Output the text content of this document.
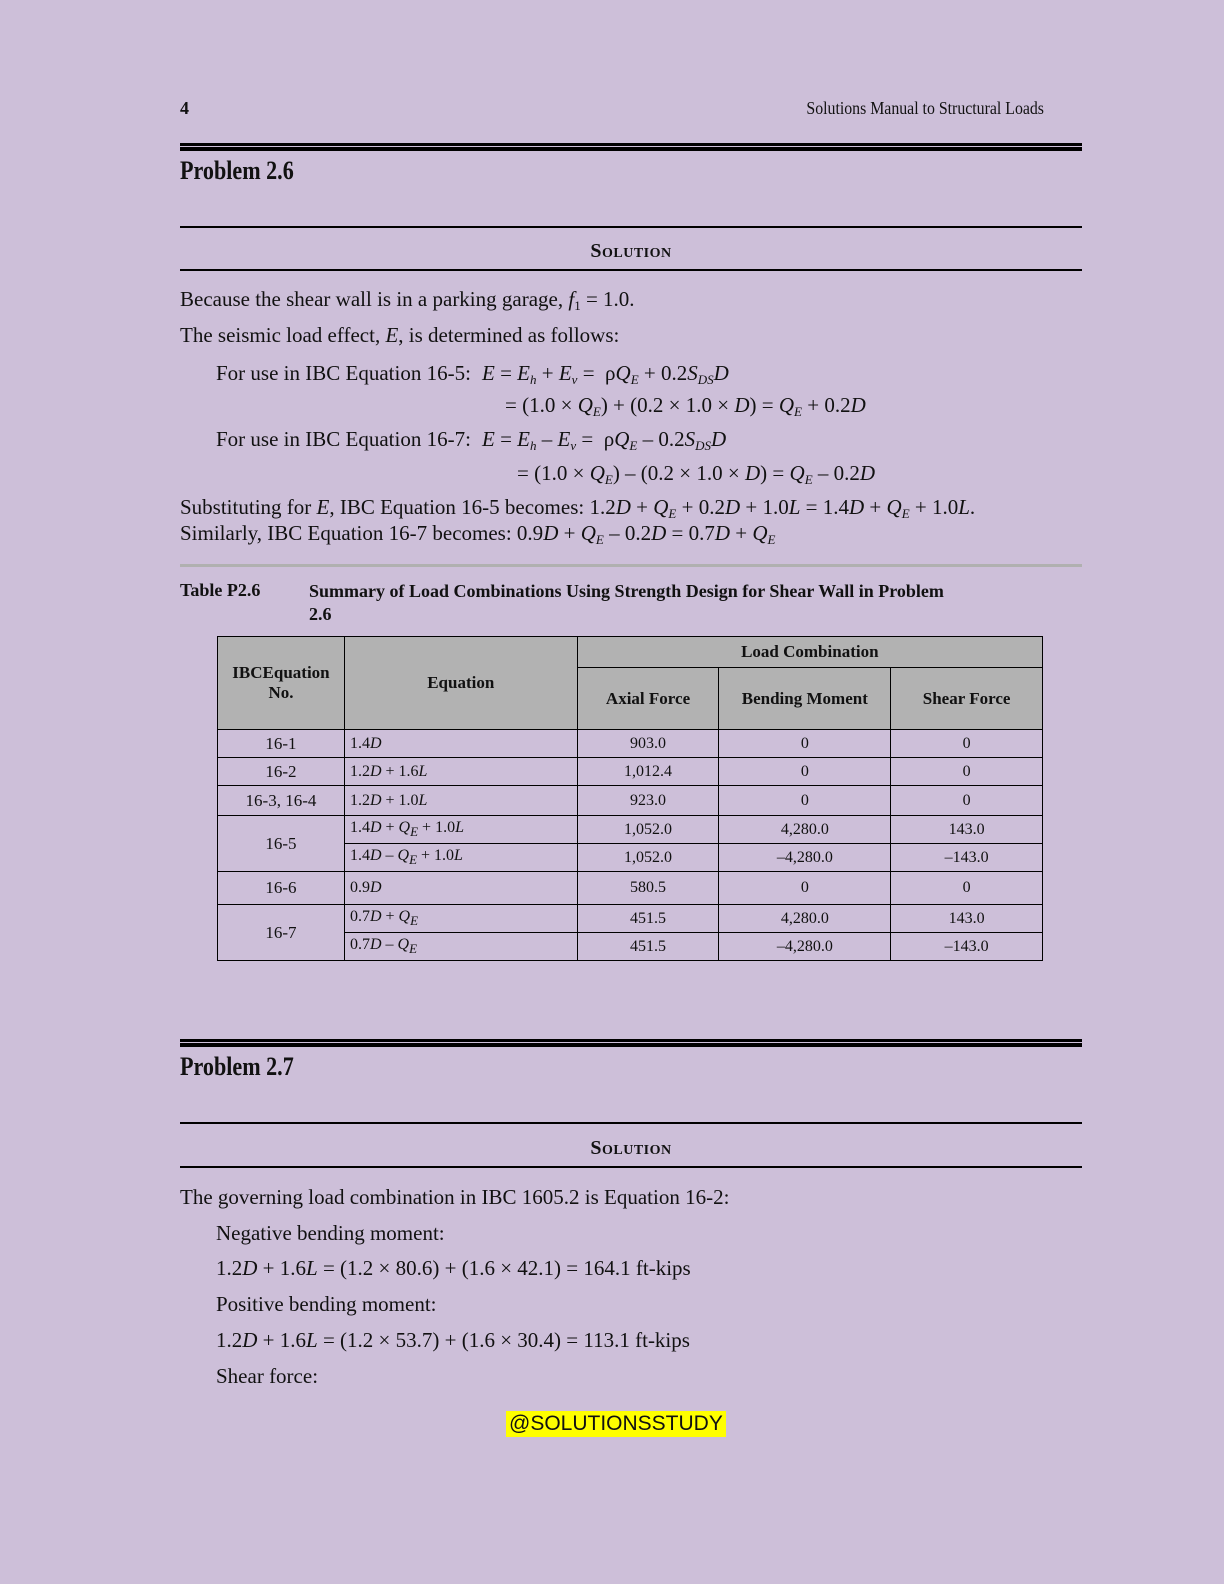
4	Solutions Manual to Structural Loads
Problem 2.6
Solution
Because the shear wall is in a parking garage, $f_1 = 1.0$.
The seismic load effect, E, is determined as follows:
For use in IBC Equation 16-5: $E = E_h + E_v = \rho Q_E + 0.2S_{DS}D$
= $(1.0 \times Q_E) + (0.2 \times 1.0 \times D) = Q_E + 0.2D$
For use in IBC Equation 16-7: $E = E_h - E_v = \rho Q_E - 0.2S_{DS}D$
= $(1.0 \times Q_E) - (0.2 \times 1.0 \times D) = Q_E - 0.2D$
Substituting for E, IBC Equation 16-5 becomes: $1.2D + Q_E + 0.2D + 1.0L = 1.4D + Q_E + 1.0L$.
Similarly, IBC Equation 16-7 becomes: $0.9D + Q_E - 0.2D = 0.7D + Q_E$
Table P2.6	Summary of Load Combinations Using Strength Design for Shear Wall in Problem 2.6
IBCEquation No.	Equation	Load Combination		
		Axial Force	Bending Moment	Shear Force
16-1	1.4D	903.0	0	0
16-2	1.2D + 1.6L	1,012.4	0	0
16-3, 16-4	1.2D + 1.0L	923.0	0	0
16-5	$1.4D + Q_E + 1.0L$	1,052.0	4,280.0	143.0
	$1.4D - Q_E + 1.0L$	1,052.0	–4,280.0	–143.0
16-6	0.9D	580.5	0	0
16-7	$0.7D + Q_E$	451.5	4,280.0	143.0
	$0.7D - Q_E$	451.5	–4,280.0	–143.0
Problem 2.7
Solution
The governing load combination in IBC 1605.2 is Equation 16-2:
Negative bending moment:
1.2D + 1.6L = (1.2 × 80.6) + (1.6 × 42.1) = 164.1 ft-kips
Positive bending moment:
1.2D + 1.6L = (1.2 × 53.7) + (1.6 × 30.4) = 113.1 ft-kips
Shear force:
@SOLUTIONSSTUDY
